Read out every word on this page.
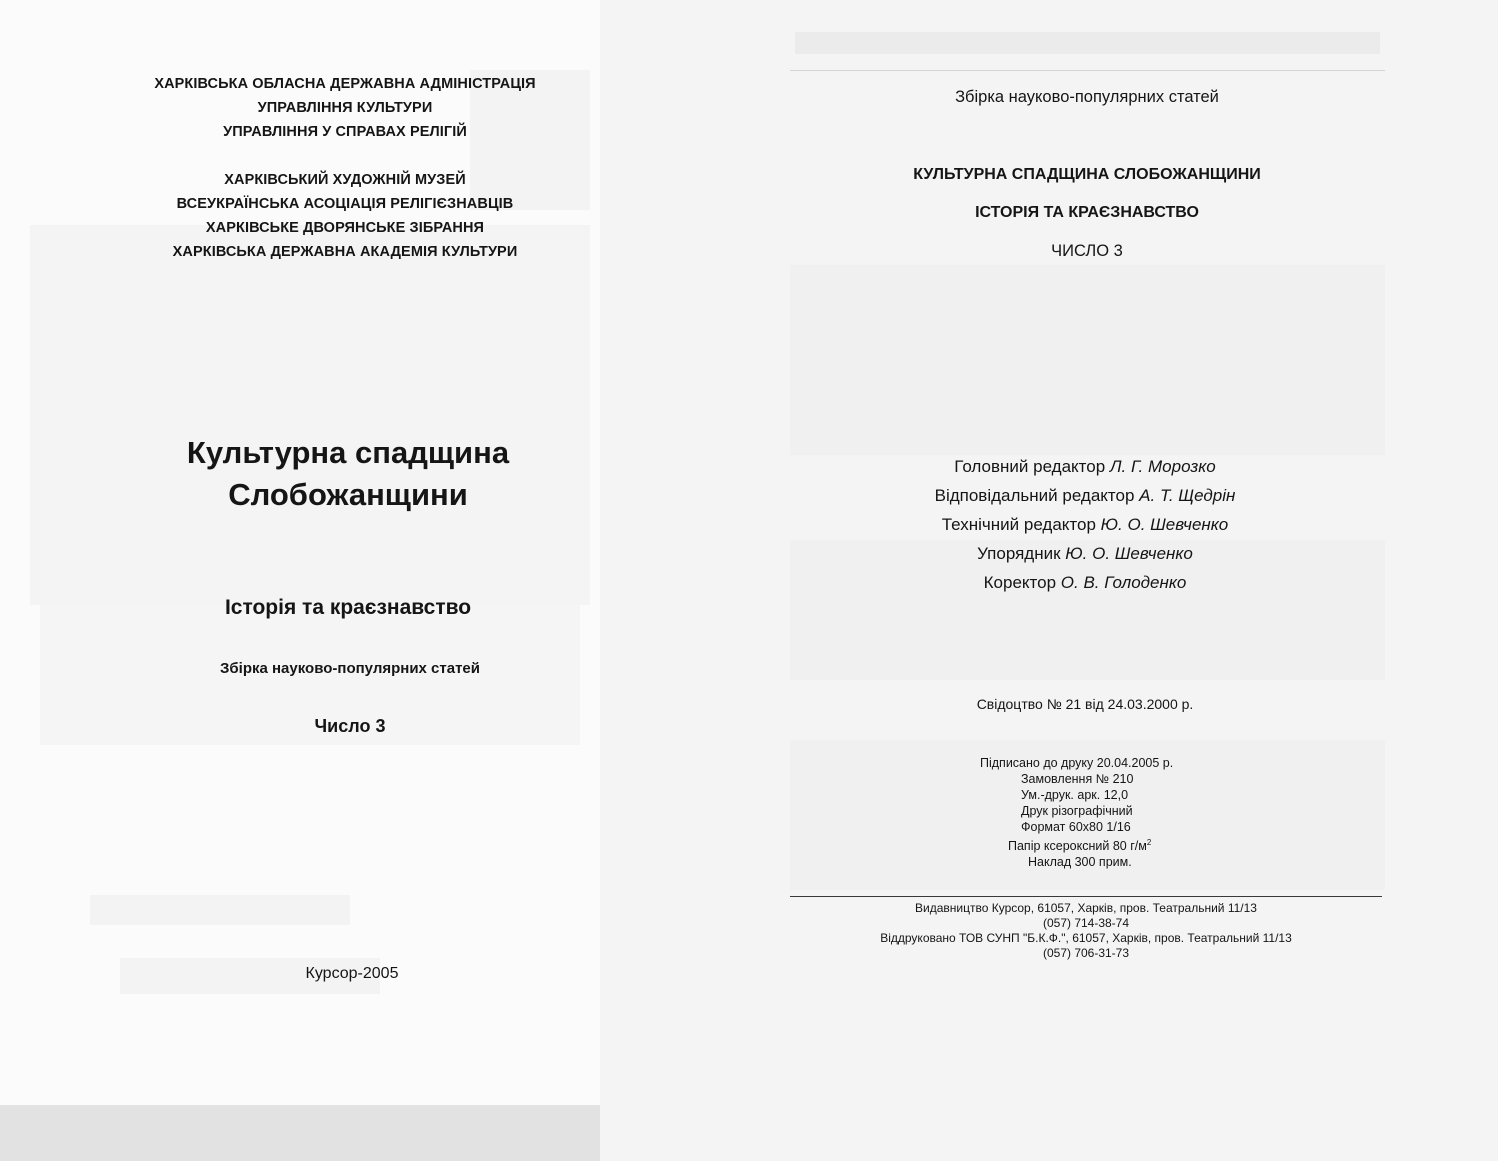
ХАРКІВСЬКА ОБЛАСНА ДЕРЖАВНА АДМІНІСТРАЦІЯ
УПРАВЛІННЯ КУЛЬТУРИ
УПРАВЛІННЯ У СПРАВАХ РЕЛІГІЙ
ХАРКІВСЬКИЙ ХУДОЖНІЙ МУЗЕЙ
ВСЕУКРАЇНСЬКА АСОЦІАЦІЯ РЕЛІГІЄЗНАВЦІВ
ХАРКІВСЬКЕ ДВОРЯНСЬКЕ ЗІБРАННЯ
ХАРКІВСЬКА ДЕРЖАВНА АКАДЕМІЯ КУЛЬТУРИ
Культурна спадщина
Слобожанщини
Історія та краєзнавство
Збірка науково-популярних статей
Число 3
Курсор-2005
Збірка науково-популярних статей
КУЛЬТУРНА СПАДЩИНА СЛОБОЖАНЩИНИ
ІСТОРІЯ ТА КРАЄЗНАВСТВО
ЧИСЛО 3
Головний редактор Л. Г. Морозко
Відповідальний редактор А. Т. Щедрін
Технічний редактор Ю. О. Шевченко
Упорядник Ю. О. Шевченко
Коректор О. В. Голоденко
Свідоцтво № 21 від 24.03.2000 р.
Підписано до друку 20.04.2005 р.
Замовлення № 210
Ум.-друк. арк. 12,0
Друк різографічний
Формат 60х80 1/16
Папір ксероксний 80 $г/м^2$
Наклад 300 прим.
Видавництво Курсор, 61057, Харків, пров. Театральний 11/13
(057) 714-38-74
Віддруковано ТОВ СУНП "Б.К.Ф.", 61057, Харків, пров. Театральний 11/13
(057) 706-31-73
